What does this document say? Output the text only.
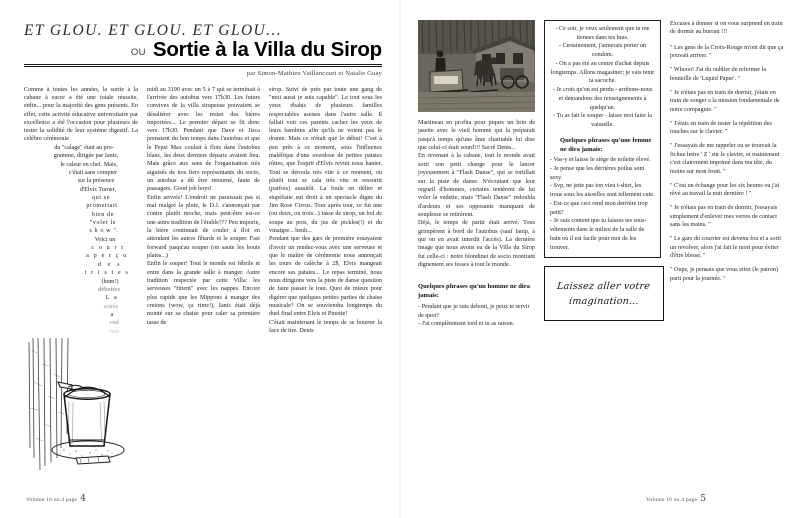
ET GLOU. ET GLOU. ET GLOU...
OU Sortie à la Villa du Sirop
par Simon-Mathieu Vaillancourt et Natalie Guay

Comme à toutes les années, la sortie à la cabane à sucre a été une totale réussite, enfin... pour la majorité des gens présents. En effet, cette activité éducative universitaire par excellence a été l'occasion pour plusieurs de tester la solidité de leur système digestif. La célèbre cérémonie

du "calage" était au pro-
gramme, dirigée par Ianis,
le caleur en chef. Mais,
c'était sans compter
sur la présence
d'Elvis Turner,
qui se
promettait
bien de
"voler le
s h o w ".
Voici un
c o u r t
a p e r ç u
d e s
t r i s t e s
(hum!)
déboires
L a
soirée
a
end
vers

midi au 3190 avec un 5 à 7 qui se terminait à l'arrivée des autobus vers 17h30. Les futurs convives de la villa sirupeuse pouvaient se désaltérer avec les restes des bières importées... Le premier départ se fit donc vers 17h30. Pendant que Dave et Jisca prenaient du bon temps dans l'autobus et que le Pepsi Max coulait à flots dans l'autobus blanc, les deux derniers départs avaient lieu. Mais grâce aux sens de l'organisation très aiguisés de nos fiers représentants du socio, un autobus a dû être retourné, faute de passagers. Good job boys!

Enfin arrivés! L'endroit ne paraissait pas si mal malgré la pluie, le D.J. s'annonçait par contre plutôt moche, mais peut-être est-ce une autre tradition de l'érable??? Peu importe, la bière continuait de couler à flot en attendant les autres fêtards et le souper. Fast forward jusqu'au souper (on saute les bouts plates...)

Enfin le souper! Tout le monde est fébrile et entre dans la grande salle à manger. Autre tradition respectée par cette Villa: les serveuses "fittent" avec les nappes. Encore plus rapide que les Mippons à manger des cretons (wow, ça rime!), Ianis était déjà monté sur sa chaise pour caler sa première tasse de

sirop. Suivi de près par toute une gang de "moi aussi je suis capable". Le tout sous les yeux ébahis de plusieurs familles respectables assises dans l'autre salle. Il fallait voir ces parents cacher les yeux de leurs bambins afin qu'ils ne voient pas le drame. Mais ce n'était que le début! C'est à peu près à ce moment, sous l'influence maléfique d'une overdose de petites patates rôties, que l'esprit d'Elvis revint nous hanter. Tout se déroula très vite à ce moment, ou plutôt tout se cala très vite et ressortit (parfois) aussitôt. La foule en délire et stupéfaite eut droit à un spectacle digne du Jim Rose Circus. Tour après tour, ce fut une (ou deux, ou trois...) tasse de sirop, un bol de soupe au pois, du jus de pickles(!) et du vinaigre... beuh...

Pendant que des gars de première essayaient d'avoir un rendez-vous avec une serveuse et que le maître de cérémonie nous annonçait les tours de calèche à 2$, Elvis mangeait encore ses patates... Le repas terminé, nous nous dirigions vers la piste de danse question de faire passer le tout. Quoi de mieux pour digérer que quelques petites parties de chaise musicale? On se souviendra longtemps du duel final entre Elvis et Pinotte!

C'était maintenant le temps de se bourrer la face de tire. Denis

Volume 16 no.4 page 4

Martineau en profita pour piquer un brin de jasette avec le vieil homme qui la préparait jusqu'à temps qu'une âme charitable lui dise que celui-ci était sourd!!! Sacré Denis...

En revenant à la cabane, tout le monde avait sorti son petit change pour le lancer joyeusement à "Flash Danse", qui se tortillait sur la piste de danse. N'écoutant que leur orgueil d'hommes, certains tentèrent de lui voler la vedette, mais "Flash Danse" redoubla d'ardeurs et ses opposants manquant de souplesse se retirèrent.

Déjà, le temps de partir était arrivé. Tous grimpèrent à bord de l'autobus (sauf Ianip, à qui on en avait interdit l'accès). La dernière image que nous avons eu de la Villa du Sirop fut celle-ci : notre blondinet de socio montrant dignement ses fesses à tout le monde.

Quelques phrases qu'un homme ne dira jamais:
- Pendant que je suis debout, je peux te servir de quoi?
- J'ai complètement tord et tu as raison.
- Ce soir, je veux seulement que tu me tiennes dans tes bras.
- Certainement, j'aimerais porter un condom.
- On a pas été au centre d'achat depuis longtemps. Allons magasiner; je vais tenir ta sacoche.
- Je crois qu'on est perdu - arrêtons-nous et demandons des renseignements à quelqu'un.
- Tu as fait le souper - laisse moi faire la vaisselle.
Quelques phrases qu'une femme ne dira jamais:
- Vas-y et laisse le siège de toilette élevé.
- Je pense que les derrières poilus sont sexy.
- Svp, ne jette pas ton vieu t-shirt, les trous sous les aisselles sont tellement cute.
- Est-ce que ceci rend mon derrière trop petit?
- Je suis content que tu laisses tes sous-vêtements dans le milieu de la salle de bain où il est facile pour moi de les trouver.
Laissez aller votre
imagination...

Excuses à donner si on vous surprend en train de dormir au bureau !!!

" Les gens de la Croix-Rouge m'ont dit que ça pouvait arriver. "

" Whooo! J'ai du oublier de refermer la bouteille de 'Liquid Paper'. "

" Je n'étais pas en train de dormir, j'étais en train de songer a la mission fondamentale de notre compagnie. "

" J'étais en train de tester la répétition des touches sur le clavier. "

" J'essayais de me rappeler ou se trouvait la fichue lettre ' Z ' sur le clavier, et maintenant c'est clairement imprimé dans ma tête, du moins sur mon front. "

" C'est un échange pour les six heures ou j'ai rêvé au travail la nuit dernière ! "

" Je n'étais pas en train de dormir, j'essayais simplement d'enlever mes verres de contact sans les mains. "

" Le gars du courrier est devenu fou et a sorti un revolver, alors j'ai fait le mort pour éviter d'être blessé. "

" Oups, je pensais que vous etiez (le patron) parti pour la journée. "

Volume 16 no.4 page 5
